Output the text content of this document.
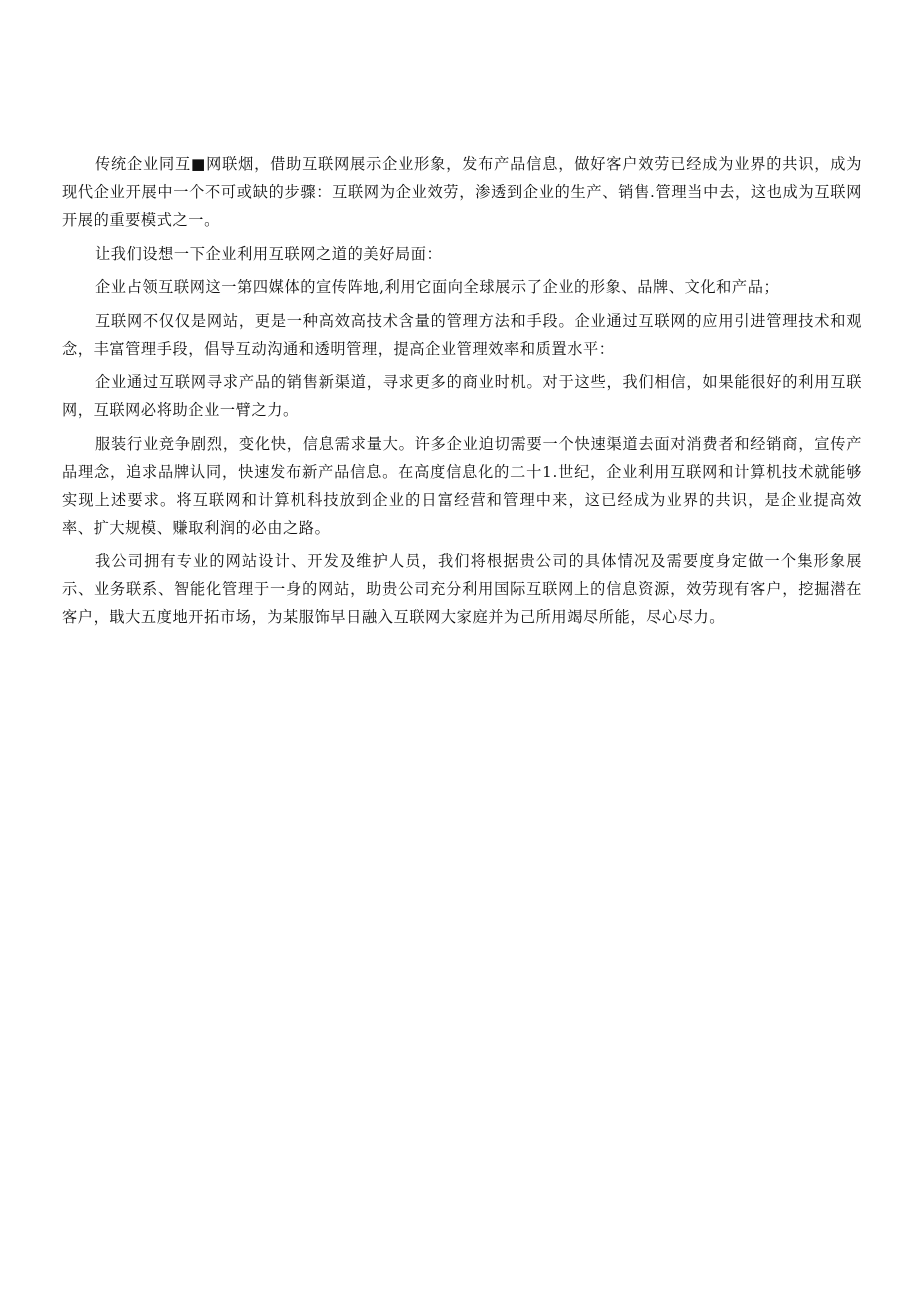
传统企业同互■网联烟，借助互联网展示企业形象，发布产品信息，做好客户效劳已经成为业界的共识，成为现代企业开展中一个不可或缺的步骤：互联网为企业效劳，渗透到企业的生产、销售.管理当中去，这也成为互联网开展的重要模式之一。

让我们设想一下企业利用互联网之道的美好局面：

企业占领互联网这一第四媒体的宣传阵地,利用它面向全球展示了企业的形象、品牌、文化和产品；

互联网不仅仅是网站，更是一种高效高技术含量的管理方法和手段。企业通过互联网的应用引进管理技术和观念，丰富管理手段，倡导互动沟通和透明管理，提高企业管理效率和质置水平：

企业通过互联网寻求产品的销售新渠道，寻求更多的商业时机。对于这些，我们相信，如果能很好的利用互联网，互联网必将助企业一臂之力。

服装行业竞争剧烈，变化快，信息需求量大。许多企业迫切需要一个快速渠道去面对消费者和经销商，宣传产品理念，追求品牌认同，快速发布新产品信息。在高度信息化的二十1.世纪，企业利用互联网和计算机技术就能够实现上述要求。将互联网和计算机科技放到企业的日富经营和管理中来，这已经成为业界的共识，是企业提高效率、扩大规模、赚取利润的必由之路。

我公司拥有专业的网站设计、开发及维护人员，我们将根据贵公司的具体情况及需要度身定做一个集形象展示、业务联系、智能化管理于一身的网站，助贵公司充分利用国际互联网上的信息资源，效劳现有客户，挖掘潜在客户，戢大五度地开拓市场，为某服饰早日融入互联网大家庭并为己所用竭尽所能，尽心尽力。
